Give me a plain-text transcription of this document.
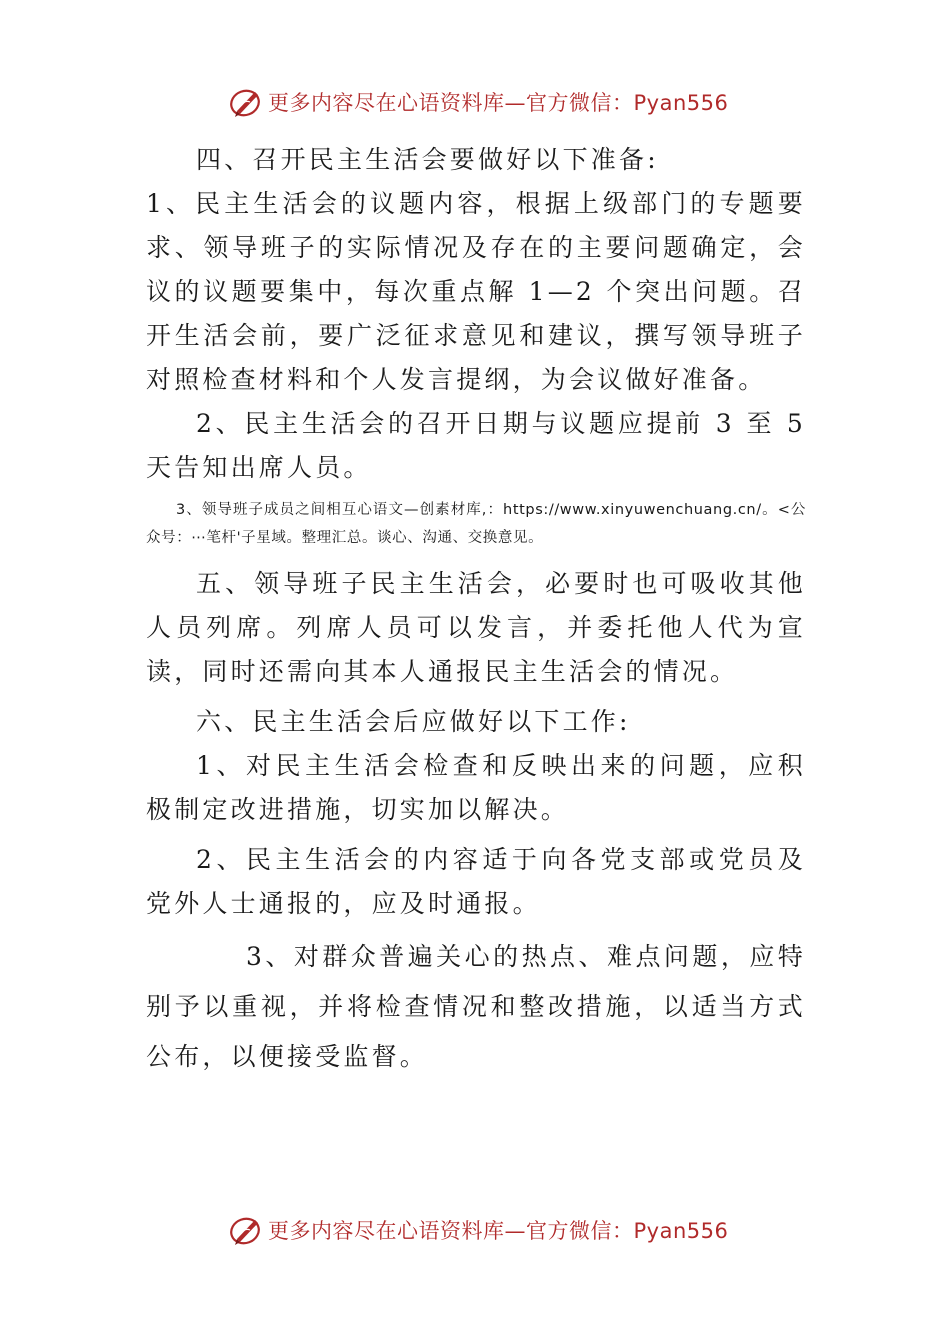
更多内容尽在心语资料库—官方微信：Pyan556

四、召开民主生活会要做好以下准备:

1、民主生活会的议题内容，根据上级部门的专题要求、领导班子的实际情况及存在的主要问题确定，会议的议题要集中，每次重点解 1—2 个突出问题。召开生活会前，要广泛征求意见和建议，撰写领导班子对照检查材料和个人发言提纲，为会议做好准备。

2、民主生活会的召开日期与议题应提前 3 至 5 天告知出席人员。

3、领导班子成员之间相互心语文—创素材库,：https://www.xinyuwenchuang.cn/。<公众号：⋯笔杆'子星域。整理汇总。谈心、沟通、交换意见。

五、领导班子民主生活会，必要时也可吸收其他人员列席。列席人员可以发言，并委托他人代为宣读，同时还需向其本人通报民主生活会的情况。

六、民主生活会后应做好以下工作:

1、对民主生活会检查和反映出来的问题，应积极制定改进措施，切实加以解决。

2、民主生活会的内容适于向各党支部或党员及党外人士通报的，应及时通报。

3、对群众普遍关心的热点、难点问题，应特别予以重视，并将检查情况和整改措施，以适当方式公布，以便接受监督。

更多内容尽在心语资料库—官方微信：Pyan556
